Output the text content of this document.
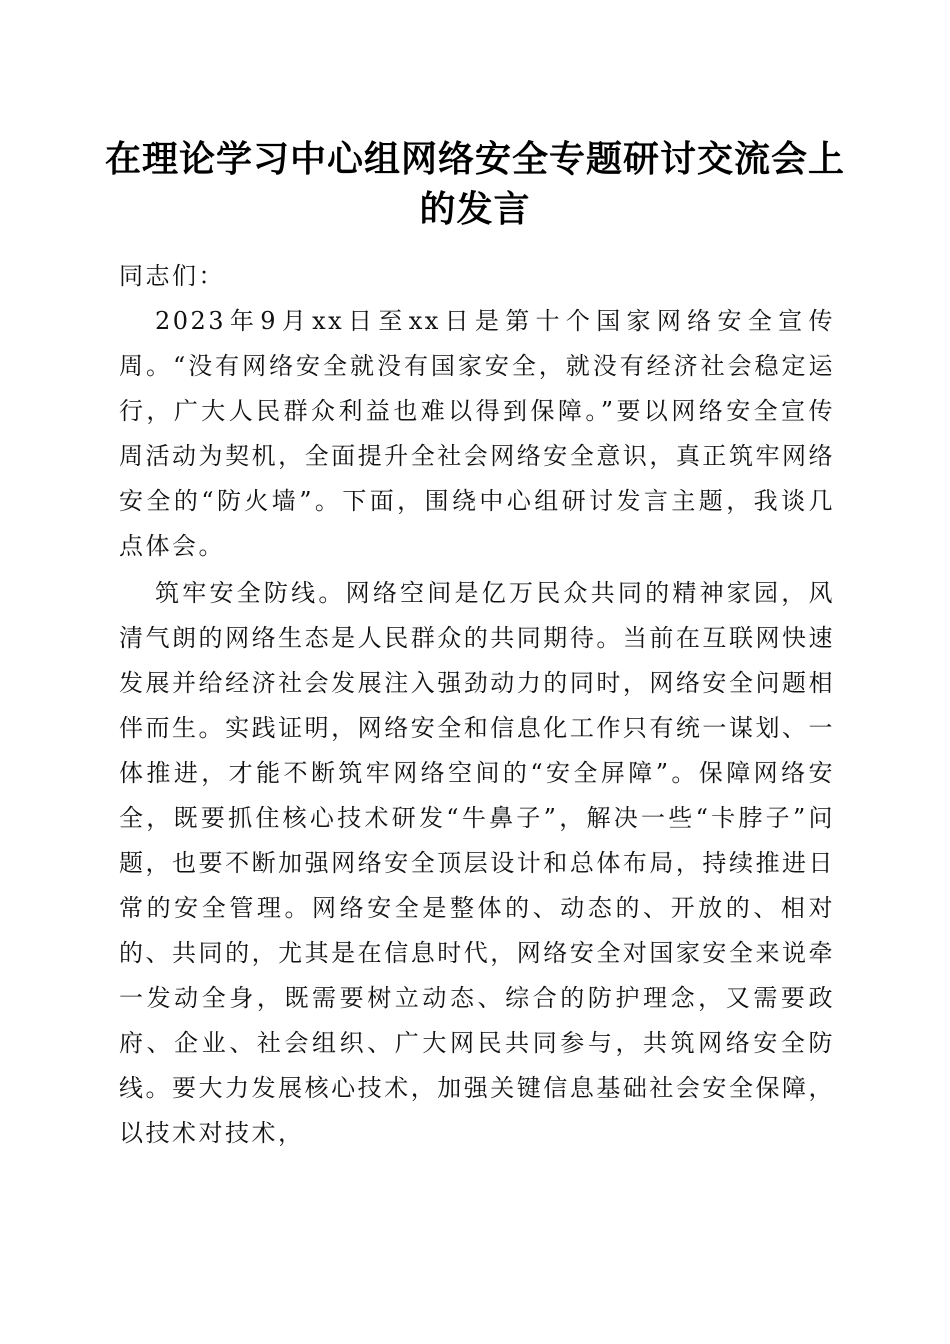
在理论学习中心组网络安全专题研讨交流会上的发言

同志们：

2023年9月xx日至xx日是第十个国家网络安全宣传周。“没有网络安全就没有国家安全，就没有经济社会稳定运行，广大人民群众利益也难以得到保障。”要以网络安全宣传周活动为契机，全面提升全社会网络安全意识，真正筑牢网络安全的“防火墙”。下面，围绕中心组研讨发言主题，我谈几点体会。

筑牢安全防线。网络空间是亿万民众共同的精神家园，风清气朗的网络生态是人民群众的共同期待。当前在互联网快速发展并给经济社会发展注入强劲动力的同时，网络安全问题相伴而生。实践证明，网络安全和信息化工作只有统一谋划、一体推进，才能不断筑牢网络空间的“安全屏障”。保障网络安全，既要抓住核心技术研发“牛鼻子”，解决一些“卡脖子”问题，也要不断加强网络安全顶层设计和总体布局，持续推进日常的安全管理。网络安全是整体的、动态的、开放的、相对的、共同的，尤其是在信息时代，网络安全对国家安全来说牵一发动全身，既需要树立动态、综合的防护理念，又需要政府、企业、社会组织、广大网民共同参与，共筑网络安全防线。要大力发展核心技术，加强关键信息基础社会安全保障，以技术对技术，
